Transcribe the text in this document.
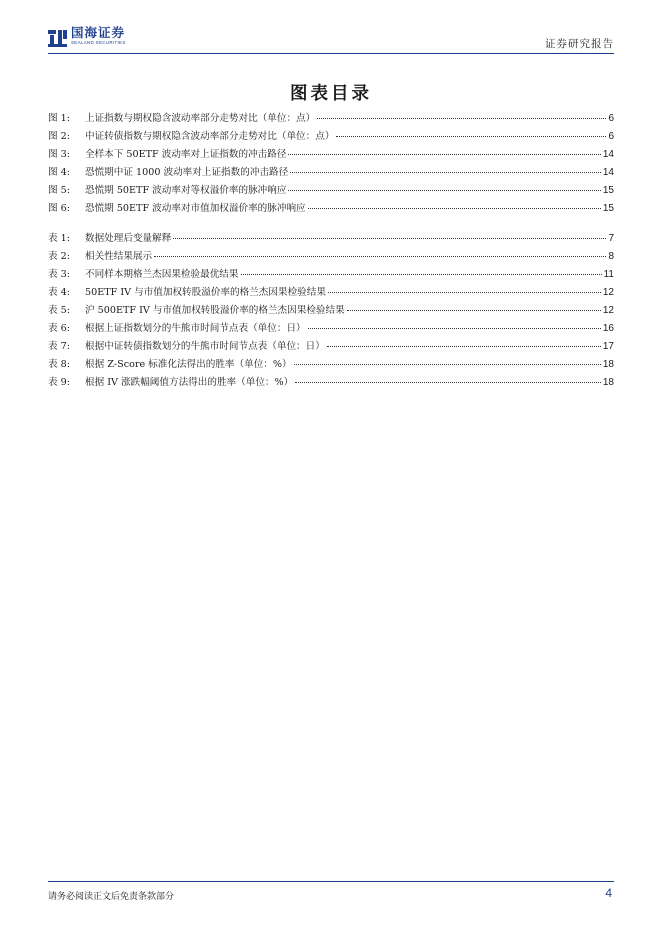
国海证券
SEALAND SECURITIES	证券研究报告
图表目录
图 1:	上证指数与期权隐含波动率部分走势对比（单位：点）	6
图 2:	中证转债指数与期权隐含波动率部分走势对比（单位：点）	6
图 3:	全样本下 50ETF 波动率对上证指数的冲击路径	14
图 4:	恐慌期中证 1000 波动率对上证指数的冲击路径	14
图 5:	恐慌期 50ETF 波动率对等权溢价率的脉冲响应	15
图 6:	恐慌期 50ETF 波动率对市值加权溢价率的脉冲响应	15
表 1:	数据处理后变量解释	7
表 2:	相关性结果展示	8
表 3:	不同样本期格兰杰因果检验最优结果	11
表 4:	50ETF IV 与市值加权转股溢价率的格兰杰因果检验结果	12
表 5:	沪 500ETF IV 与市值加权转股溢价率的格兰杰因果检验结果	12
表 6:	根据上证指数划分的牛熊市时间节点表（单位：日）	16
表 7:	根据中证转债指数划分的牛熊市时间节点表（单位：日）	17
表 8:	根据 Z-Score 标准化法得出的胜率（单位：%）	18
表 9:	根据 IV 涨跌幅阈值方法得出的胜率（单位：%）	18
请务必阅读正文后免责条款部分	4
